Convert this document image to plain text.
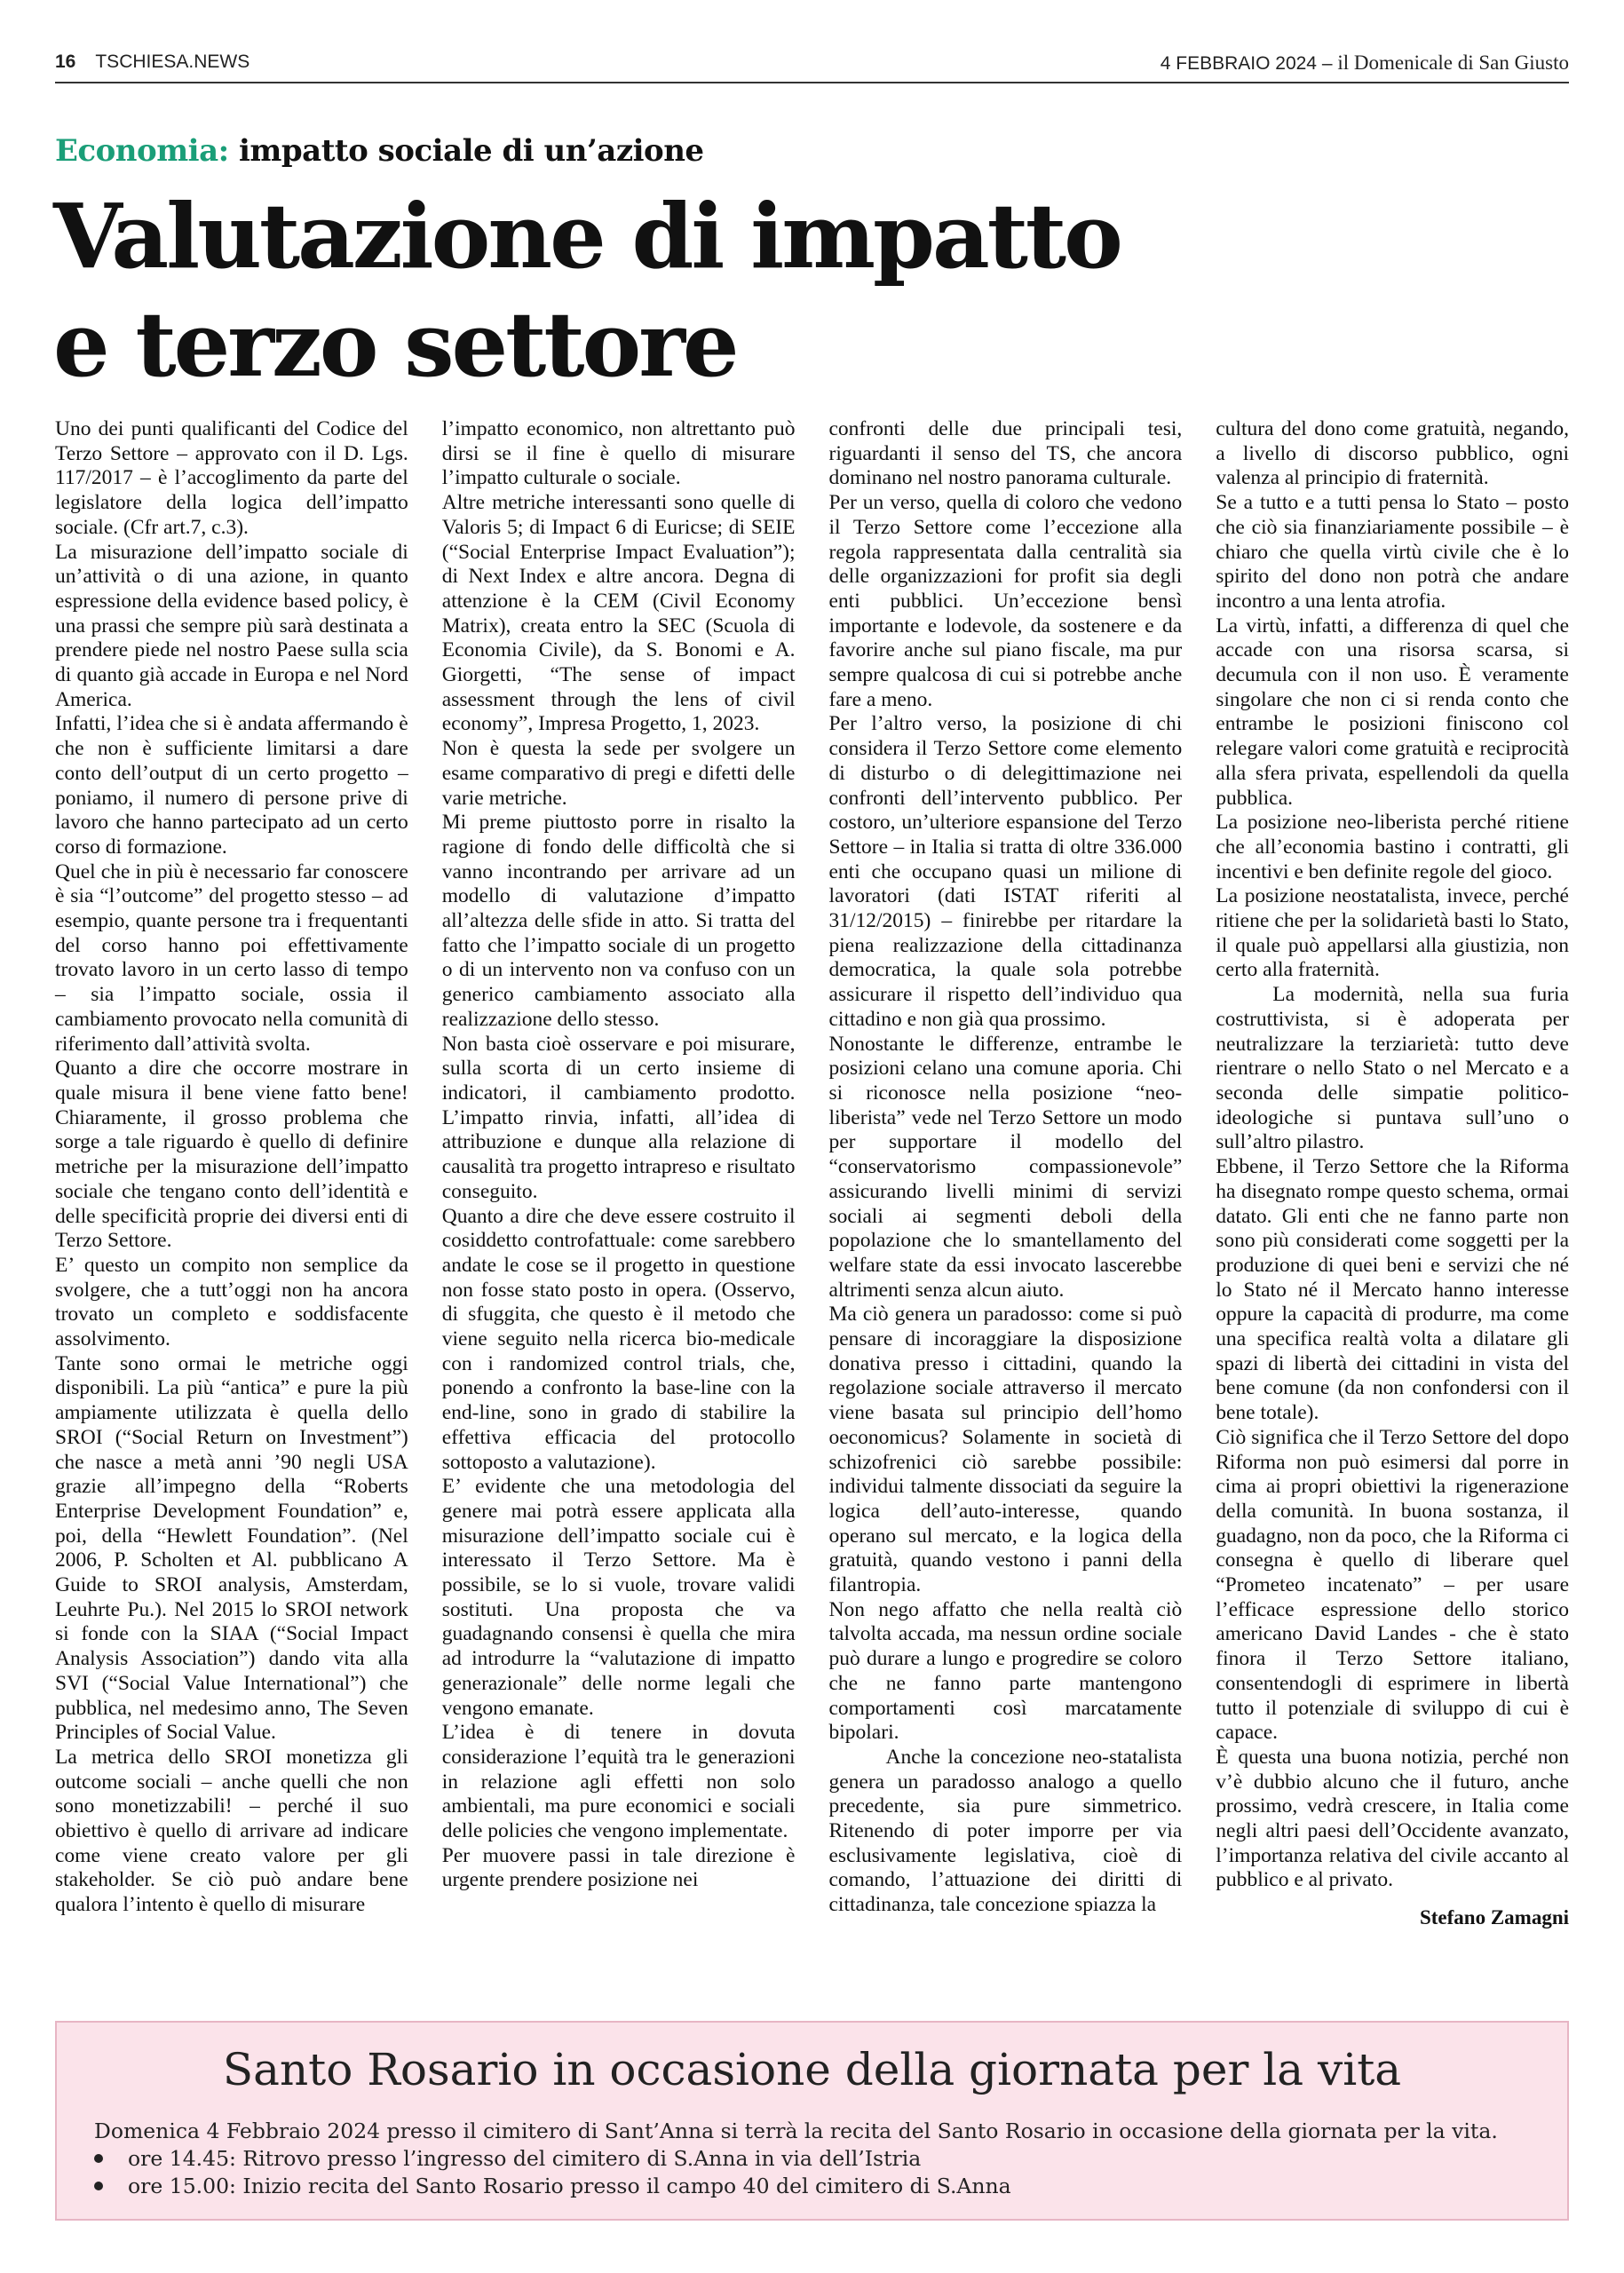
16 TSCHIESA.NEWS	4 FEBBRAIO 2024 – il Domenicale di San Giusto
Economia: impatto sociale di un’azione
Valutazione di impatto
e terzo settore

Uno dei punti qualificanti del Codice del Terzo Settore – approvato con il D. Lgs. 117/2017 – è l’accoglimento da parte del legislatore della logica dell’impatto sociale. (Cfr art.7, c.3).

La misurazione dell’impatto sociale di un’attività o di una azione, in quanto espressione della evidence based policy, è una prassi che sempre più sarà destinata a prendere piede nel nostro Paese sulla scia di quanto già accade in Europa e nel Nord America.

Infatti, l’idea che si è andata affermando è che non è sufficiente limitarsi a dare conto dell’output di un certo progetto – poniamo, il numero di persone prive di lavoro che hanno partecipato ad un certo corso di formazione.

Quel che in più è necessario far conoscere è sia “l’outcome” del progetto stesso – ad esempio, quante persone tra i frequentanti del corso hanno poi effettivamente trovato lavoro in un certo lasso di tempo – sia l’impatto sociale, ossia il cambiamento provocato nella comunità di riferimento dall’attività svolta.

Quanto a dire che occorre mostrare in quale misura il bene viene fatto bene! Chiaramente, il grosso problema che sorge a tale riguardo è quello di definire metriche per la misurazione dell’impatto sociale che tengano conto dell’identità e delle specificità proprie dei diversi enti di Terzo Settore.

E’ questo un compito non semplice da svolgere, che a tutt’oggi non ha ancora trovato un completo e soddisfacente assolvimento.

Tante sono ormai le metriche oggi disponibili. La più “antica” e pure la più ampiamente utilizzata è quella dello SROI (“Social Return on Investment”) che nasce a metà anni ’90 negli USA grazie all’impegno della “Roberts Enterprise Development Foundation” e, poi, della “Hewlett Foundation”. (Nel 2006, P. Scholten et Al. pubblicano A Guide to SROI analysis, Amsterdam, Leuhrte Pu.). Nel 2015 lo SROI network si fonde con la SIAA (“Social Impact Analysis Association”) dando vita alla SVI (“Social Value International”) che pubblica, nel medesimo anno, The Seven Principles of Social Value.

La metrica dello SROI monetizza gli outcome sociali – anche quelli che non sono monetizzabili! – perché il suo obiettivo è quello di arrivare ad indicare come viene creato valore per gli stakeholder. Se ciò può andare bene qualora l’intento è quello di misurare

l’impatto economico, non altrettanto può dirsi se il fine è quello di misurare l’impatto culturale o sociale.

Altre metriche interessanti sono quelle di Valoris 5; di Impact 6 di Euricse; di SEIE (“Social Enterprise Impact Evaluation”); di Next Index e altre ancora. Degna di attenzione è la CEM (Civil Economy Matrix), creata entro la SEC (Scuola di Economia Civile), da S. Bonomi e A. Giorgetti, “The sense of impact assessment through the lens of civil economy”, Impresa Progetto, 1, 2023.

Non è questa la sede per svolgere un esame comparativo di pregi e difetti delle varie metriche.

Mi preme piuttosto porre in risalto la ragione di fondo delle difficoltà che si vanno incontrando per arrivare ad un modello di valutazione d’impatto all’altezza delle sfide in atto. Si tratta del fatto che l’impatto sociale di un progetto o di un intervento non va confuso con un generico cambiamento associato alla realizzazione dello stesso.

Non basta cioè osservare e poi misurare, sulla scorta di un certo insieme di indicatori, il cambiamento prodotto. L’impatto rinvia, infatti, all’idea di attribuzione e dunque alla relazione di causalità tra progetto intrapreso e risultato conseguito.

Quanto a dire che deve essere costruito il cosiddetto controfattuale: come sarebbero andate le cose se il progetto in questione non fosse stato posto in opera. (Osservo, di sfuggita, che questo è il metodo che viene seguito nella ricerca bio-medicale con i randomized control trials, che, ponendo a confronto la base-line con la end-line, sono in grado di stabilire la effettiva efficacia del protocollo sottoposto a valutazione).

E’ evidente che una metodologia del genere mai potrà essere applicata alla misurazione dell’impatto sociale cui è interessato il Terzo Settore. Ma è possibile, se lo si vuole, trovare validi sostituti. Una proposta che va guadagnando consensi è quella che mira ad introdurre la “valutazione di impatto generazionale” delle norme legali che vengono emanate.

L’idea è di tenere in dovuta considerazione l’equità tra le generazioni in relazione agli effetti non solo ambientali, ma pure economici e sociali delle policies che vengono implementate.

Per muovere passi in tale direzione è urgente prendere posizione nei

confronti delle due principali tesi, riguardanti il senso del TS, che ancora dominano nel nostro panorama culturale.

Per un verso, quella di coloro che vedono il Terzo Settore come l’eccezione alla regola rappresentata dalla centralità sia delle organizzazioni for profit sia degli enti pubblici. Un’eccezione bensì importante e lodevole, da sostenere e da favorire anche sul piano fiscale, ma pur sempre qualcosa di cui si potrebbe anche fare a meno.

Per l’altro verso, la posizione di chi considera il Terzo Settore come elemento di disturbo o di delegittimazione nei confronti dell’intervento pubblico. Per costoro, un’ulteriore espansione del Terzo Settore – in Italia si tratta di oltre 336.000 enti che occupano quasi un milione di lavoratori (dati ISTAT riferiti al 31/12/2015) – finirebbe per ritardare la piena realizzazione della cittadinanza democratica, la quale sola potrebbe assicurare il rispetto dell’individuo qua cittadino e non già qua prossimo.

Nonostante le differenze, entrambe le posizioni celano una comune aporia. Chi si riconosce nella posizione “neo-liberista” vede nel Terzo Settore un modo per supportare il modello del “conservatorismo compassionevole” assicurando livelli minimi di servizi sociali ai segmenti deboli della popolazione che lo smantellamento del welfare state da essi invocato lascerebbe altrimenti senza alcun aiuto.

Ma ciò genera un paradosso: come si può pensare di incoraggiare la disposizione donativa presso i cittadini, quando la regolazione sociale attraverso il mercato viene basata sul principio dell’homo oeconomicus? Solamente in società di schizofrenici ciò sarebbe possibile: individui talmente dissociati da seguire la logica dell’auto-interesse, quando operano sul mercato, e la logica della gratuità, quando vestono i panni della filantropia.

Non nego affatto che nella realtà ciò talvolta accada, ma nessun ordine sociale può durare a lungo e progredire se coloro che ne fanno parte mantengono comportamenti così marcatamente bipolari.

Anche la concezione neo-statalista genera un paradosso analogo a quello precedente, sia pure simmetrico. Ritenendo di poter imporre per via esclusivamente legislativa, cioè di comando, l’attuazione dei diritti di cittadinanza, tale concezione spiazza la

cultura del dono come gratuità, negando, a livello di discorso pubblico, ogni valenza al principio di fraternità.

Se a tutto e a tutti pensa lo Stato – posto che ciò sia finanziariamente possibile – è chiaro che quella virtù civile che è lo spirito del dono non potrà che andare incontro a una lenta atrofia.

La virtù, infatti, a differenza di quel che accade con una risorsa scarsa, si decumula con il non uso. È veramente singolare che non ci si renda conto che entrambe le posizioni finiscono col relegare valori come gratuità e reciprocità alla sfera privata, espellendoli da quella pubblica.

La posizione neo-liberista perché ritiene che all’economia bastino i contratti, gli incentivi e ben definite regole del gioco.

La posizione neostatalista, invece, perché ritiene che per la solidarietà basti lo Stato, il quale può appellarsi alla giustizia, non certo alla fraternità.

La modernità, nella sua furia costruttivista, si è adoperata per neutralizzare la terziarietà: tutto deve rientrare o nello Stato o nel Mercato e a seconda delle simpatie politico-ideologiche si puntava sull’uno o sull’altro pilastro.

Ebbene, il Terzo Settore che la Riforma ha disegnato rompe questo schema, ormai datato. Gli enti che ne fanno parte non sono più considerati come soggetti per la produzione di quei beni e servizi che né lo Stato né il Mercato hanno interesse oppure la capacità di produrre, ma come una specifica realtà volta a dilatare gli spazi di libertà dei cittadini in vista del bene comune (da non confondersi con il bene totale).

Ciò significa che il Terzo Settore del dopo Riforma non può esimersi dal porre in cima ai propri obiettivi la rigenerazione della comunità. In buona sostanza, il guadagno, non da poco, che la Riforma ci consegna è quello di liberare quel “Prometeo incatenato” – per usare l’efficace espressione dello storico americano David Landes - che è stato finora il Terzo Settore italiano, consentendogli di esprimere in libertà tutto il potenziale di sviluppo di cui è capace.

È questa una buona notizia, perché non v’è dubbio alcuno che il futuro, anche prossimo, vedrà crescere, in Italia come negli altri paesi dell’Occidente avanzato, l’importanza relativa del civile accanto al pubblico e al privato.

Stefano Zamagni

Santo Rosario in occasione della giornata per la vita
Domenica 4 Febbraio 2024 presso il cimitero di Sant’Anna si terrà la recita del Santo Rosario in occasione della giornata per la vita.
ore 14.45: Ritrovo presso l’ingresso del cimitero di S.Anna in via dell’Istria
ore 15.00: Inizio recita del Santo Rosario presso il campo 40 del cimitero di S.Anna
